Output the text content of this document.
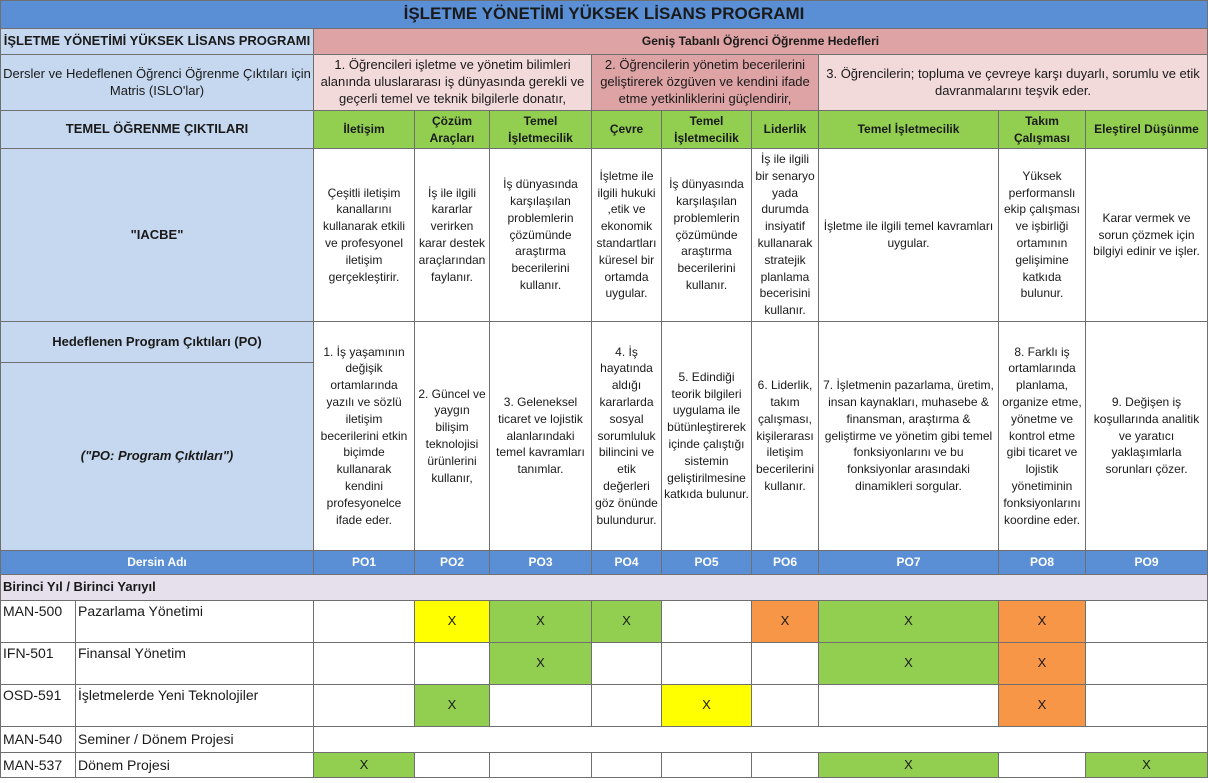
İŞLETME YÖNETİMİ YÜKSEK LİSANS PROGRAMI										
İŞLETME YÖNETİMİ YÜKSEK LİSANS PROGRAMI		Geniş Tabanlı Öğrenci Öğrenme Hedefleri								
Dersler ve Hedeflenen Öğrenci Öğrenme Çıktıları için Matris (ISLO'lar)		1. Öğrencileri işletme ve yönetim bilimleri alanında uluslararası iş dünyasında gerekli ve geçerli temel ve teknik bilgilerle donatır,			2. Öğrencilerin yönetim becerilerini geliştirerek özgüven ve kendini ifade etme yetkinliklerini güçlendirir,			3. Öğrencilerin; topluma ve çevreye karşı duyarlı, sorumlu ve etik davranmalarını teşvik eder.		
TEMEL ÖĞRENME ÇIKTILARI		İletişim	Çözüm Araçları	Temel İşletmecilik	Çevre	Temel İşletmecilik	Liderlik	Temel İşletmecilik	Takım Çalışması	Eleştirel Düşünme
"IACBE"		Çeşitli iletişim kanallarını kullanarak etkili ve profesyonel iletişim gerçekleştirir.	İş ile ilgili kararlar verirken karar destek araçlarından faylanır.	İş dünyasında karşılaşılan problemlerin çözümünde araştırma becerilerini kullanır.	İşletme ile ilgili hukuki ,etik ve ekonomik standartları küresel bir ortamda uygular.	İş dünyasında karşılaşılan problemlerin çözümünde araştırma becerilerini kullanır.	İş ile ilgili bir senaryo yada durumda insiyatif kullanarak stratejik planlama becerisini kullanır.	İşletme ile ilgili temel kavramları uygular.	Yüksek performanslı ekip çalışması ve işbirliği ortamının gelişimine katkıda bulunur.	Karar vermek ve sorun çözmek için bilgiyi edinir ve işler.
Hedeflenen Program Çıktıları (PO)		1. İş yaşamının değişik ortamlarında yazılı ve sözlü iletişim becerilerini etkin biçimde kullanarak kendini profesyonelce ifade eder.	2. Güncel ve yaygın bilişim teknolojisi ürünlerini kullanır,	3. Geleneksel ticaret ve lojistik alanlarındaki temel kavramları tanımlar.	4. İş hayatında aldığı kararlarda sosyal sorumluluk bilincini ve etik değerleri göz önünde bulundurur.	5. Edindiği teorik bilgileri uygulama ile bütünleştirerek içinde çalıştığı sistemin geliştirilmesine katkıda bulunur.	6. Liderlik, takım çalışması, kişilerarası iletişim becerilerini kullanır.	7. İşletmenin pazarlama, üretim, insan kaynakları, muhasebe & finansman, araştırma & geliştirme ve yönetim gibi temel fonksiyonlarını ve bu fonksiyonlar arasındaki dinamikleri sorgular.	8. Farklı iş ortamlarında planlama, organize etme, yönetme ve kontrol etme gibi ticaret ve lojistik yönetiminin fonksiyonlarını koordine eder.	9. Değişen iş koşullarında analitik ve yaratıcı yaklaşımlarla sorunları çözer.
("PO: Program Çıktıları")										
Dersin Adı		PO1	PO2	PO3	PO4	PO5	PO6	PO7	PO8	PO9
Birinci Yıl / Birinci Yarıyıl										
MAN-500	Pazarlama Yönetimi		X	X	X		X	X	X	
IFN-501	Finansal Yönetim			X				X	X	
OSD-591	İşletmelerde Yeni Teknolojiler		X			X			X	
MAN-540	Seminer / Dönem Projesi									
MAN-537	Dönem Projesi	X						X		X
